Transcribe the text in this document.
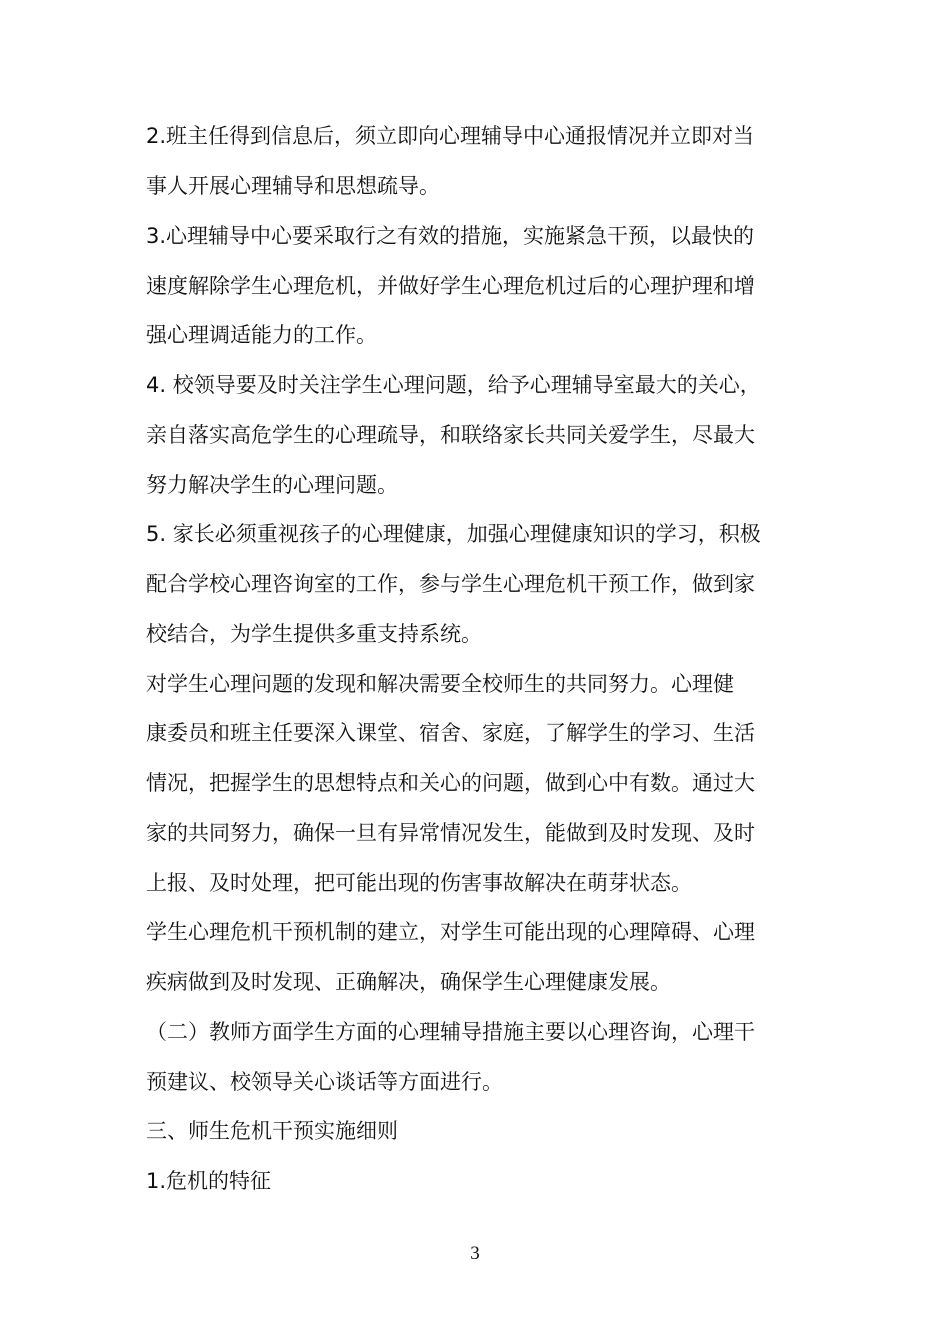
2.班主任得到信息后，须立即向心理辅导中心通报情况并立即对当

事人开展心理辅导和思想疏导。

3.心理辅导中心要采取行之有效的措施，实施紧急干预，以最快的

速度解除学生心理危机，并做好学生心理危机过后的心理护理和增

强心理调适能力的工作。

4. 校领导要及时关注学生心理问题，给予心理辅导室最大的关心，

亲自落实高危学生的心理疏导，和联络家长共同关爱学生，尽最大

努力解决学生的心理问题。

5. 家长必须重视孩子的心理健康，加强心理健康知识的学习，积极

配合学校心理咨询室的工作，参与学生心理危机干预工作，做到家

校结合，为学生提供多重支持系统。

对学生心理问题的发现和解决需要全校师生的共同努力。心理健

康委员和班主任要深入课堂、宿舍、家庭，了解学生的学习、生活

情况，把握学生的思想特点和关心的问题，做到心中有数。通过大

家的共同努力，确保一旦有异常情况发生，能做到及时发现、及时

上报、及时处理，把可能出现的伤害事故解决在萌芽状态。

学生心理危机干预机制的建立，对学生可能出现的心理障碍、心理

疾病做到及时发现、正确解决，确保学生心理健康发展。

（二）教师方面学生方面的心理辅导措施主要以心理咨询，心理干

预建议、校领导关心谈话等方面进行。

三、师生危机干预实施细则

1.危机的特征

3
